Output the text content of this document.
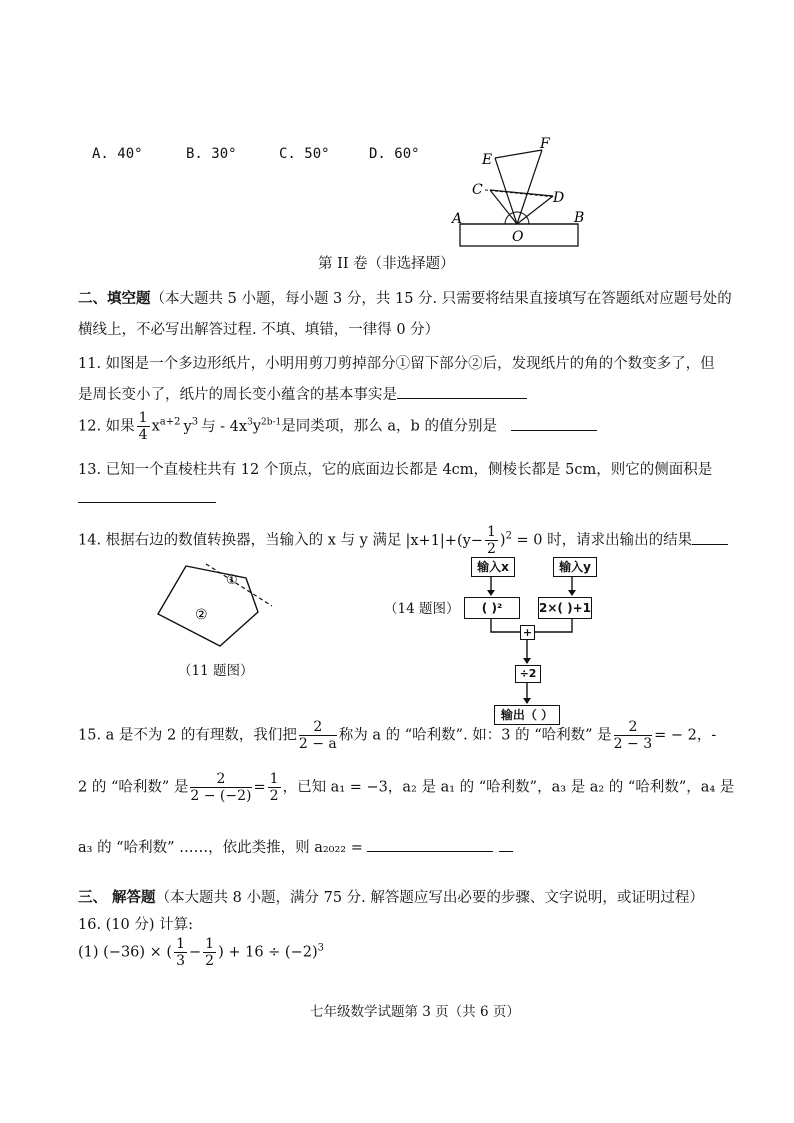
A. 40°	B. 30°	C. 50°	D. 60°	E
F
C	D
A	B
O
第 II 卷（非选择题）
二、填空题（本大题共 5 小题，每小题 3 分，共 15 分. 只需要将结果直接填写在答题纸对应题号处的
横线上，不必写出解答过程. 不填、填错，一律得 0 分）
11. 如图是一个多边形纸片，小明用剪刀剪掉部分①留下部分②后，发现纸片的角的个数变多了，但
是周长变小了，纸片的周长变小蕴含的基本事实是
12. 如果 $\frac{1}{4} x^{a+2}$ $y^3$ 与 - $4x^3y^{2b-1}$是同类项，那么 a，b 的值分别是
13. 已知一个直棱柱共有 12 个顶点，它的底面边长都是 4cm，侧棱长都是 5cm，则它的侧面积是
14. 根据右边的数值转换器，当输入的 x 与 y 满足 $|x+1|+(y- \frac{1}{2} )^2 = 0$ 时，请求出输出的结果
①
②
（11 题图）
（14 题图）
输入x	输入y
( )²	2×( )+1
+
÷2
输出（ ）
15. a 是不为 2 的有理数，我们把 $\frac{2}{2 - a}$ 称为 a 的 “哈利数”. 如：3 的 “哈利数” 是 $\frac{2}{2 - 3}$ = − 2，-
2 的 “哈利数” 是 $\frac{2}{2 - (-2)} = \frac{1}{2}$ ，已知 a₁ = −3，a₂ 是 a₁ 的 “哈利数”，a₃ 是 a₂ 的 “哈利数”，a₄ 是
a₃ 的 “哈利数” ……，依此类推，则 a₂₀₂₂ =
三、 解答题（本大题共 8 小题，满分 75 分. 解答题应写出必要的步骤、文字说明，或证明过程）
16. (10 分) 计算:
(1) (−36) × ( $\frac{1}{3} - \frac{1}{2}$ ) + $16 \div (-2)^3$
七年级数学试题第 3 页（共 6 页）
